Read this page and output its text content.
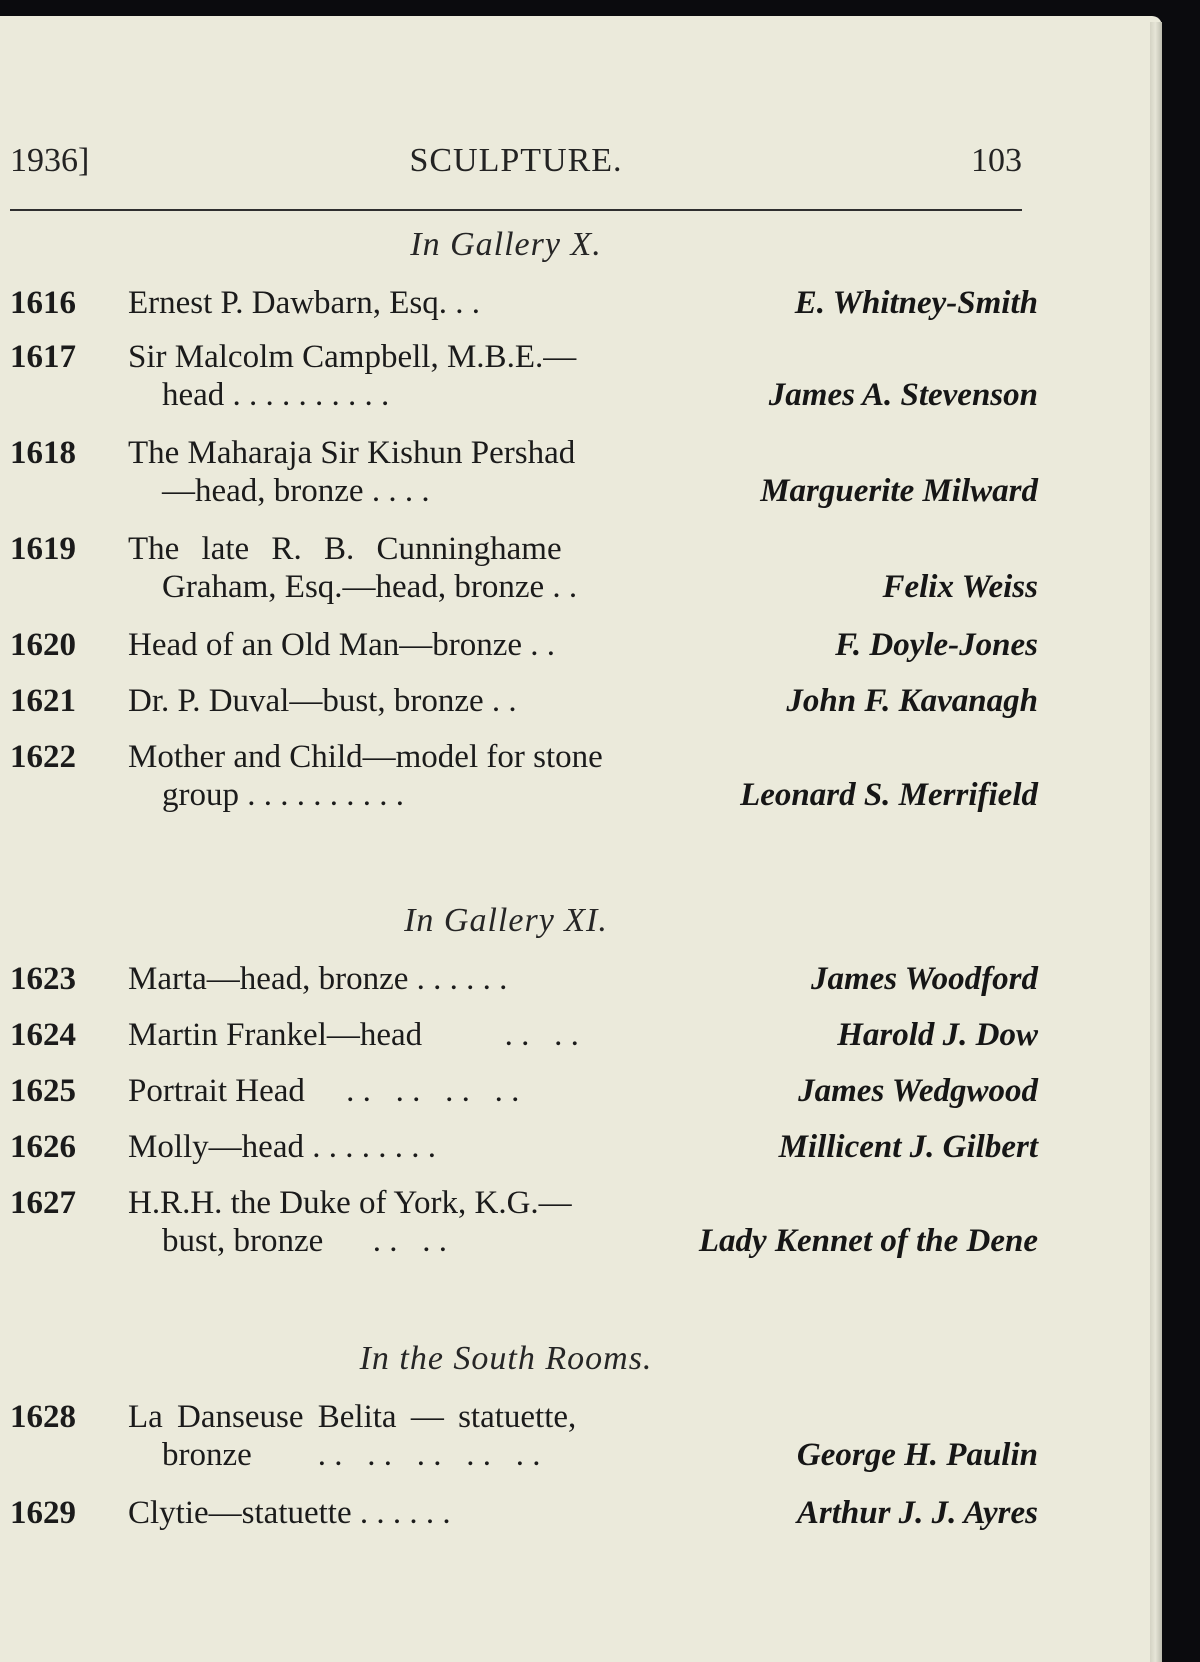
1936]	SCULPTURE.	103
In Gallery X.
1616 Ernest P. Dawbarn, Esq. . .	E. Whitney-Smith
1617 Sir Malcolm Campbell, M.B.E.—
head . . . . . . . . . .	James A. Stevenson
1618 The Maharaja Sir Kishun Pershad
—head, bronze . . . .	Marguerite Milward
1619 The late R. B. Cunninghame
Graham, Esq.—head, bronze . .	Felix Weiss
1620 Head of an Old Man—bronze . .	F. Doyle-Jones
1621 Dr. P. Duval—bust, bronze . .	John F. Kavanagh
1622 Mother and Child—model for stone
group . . . . . . . . . .	Leonard S. Merrifield
In Gallery XI.
1623 Marta—head, bronze . . . . . .	James Woodford
1624 Martin Frankel—head          . .   . .	Harold J. Dow
1625 Portrait Head     . .   . .   . .   . .	James Wedgwood
1626 Molly—head . . . . . . . .	Millicent J. Gilbert
1627 H.R.H. the Duke of York, K.G.—
bust, bronze      . .   . .	Lady Kennet of the Dene
In the South Rooms.
1628 La Danseuse Belita — statuette,
bronze        . .   . .   . .   . .   . .	George H. Paulin
1629 Clytie—statuette . . . . . .	Arthur J. J. Ayres
